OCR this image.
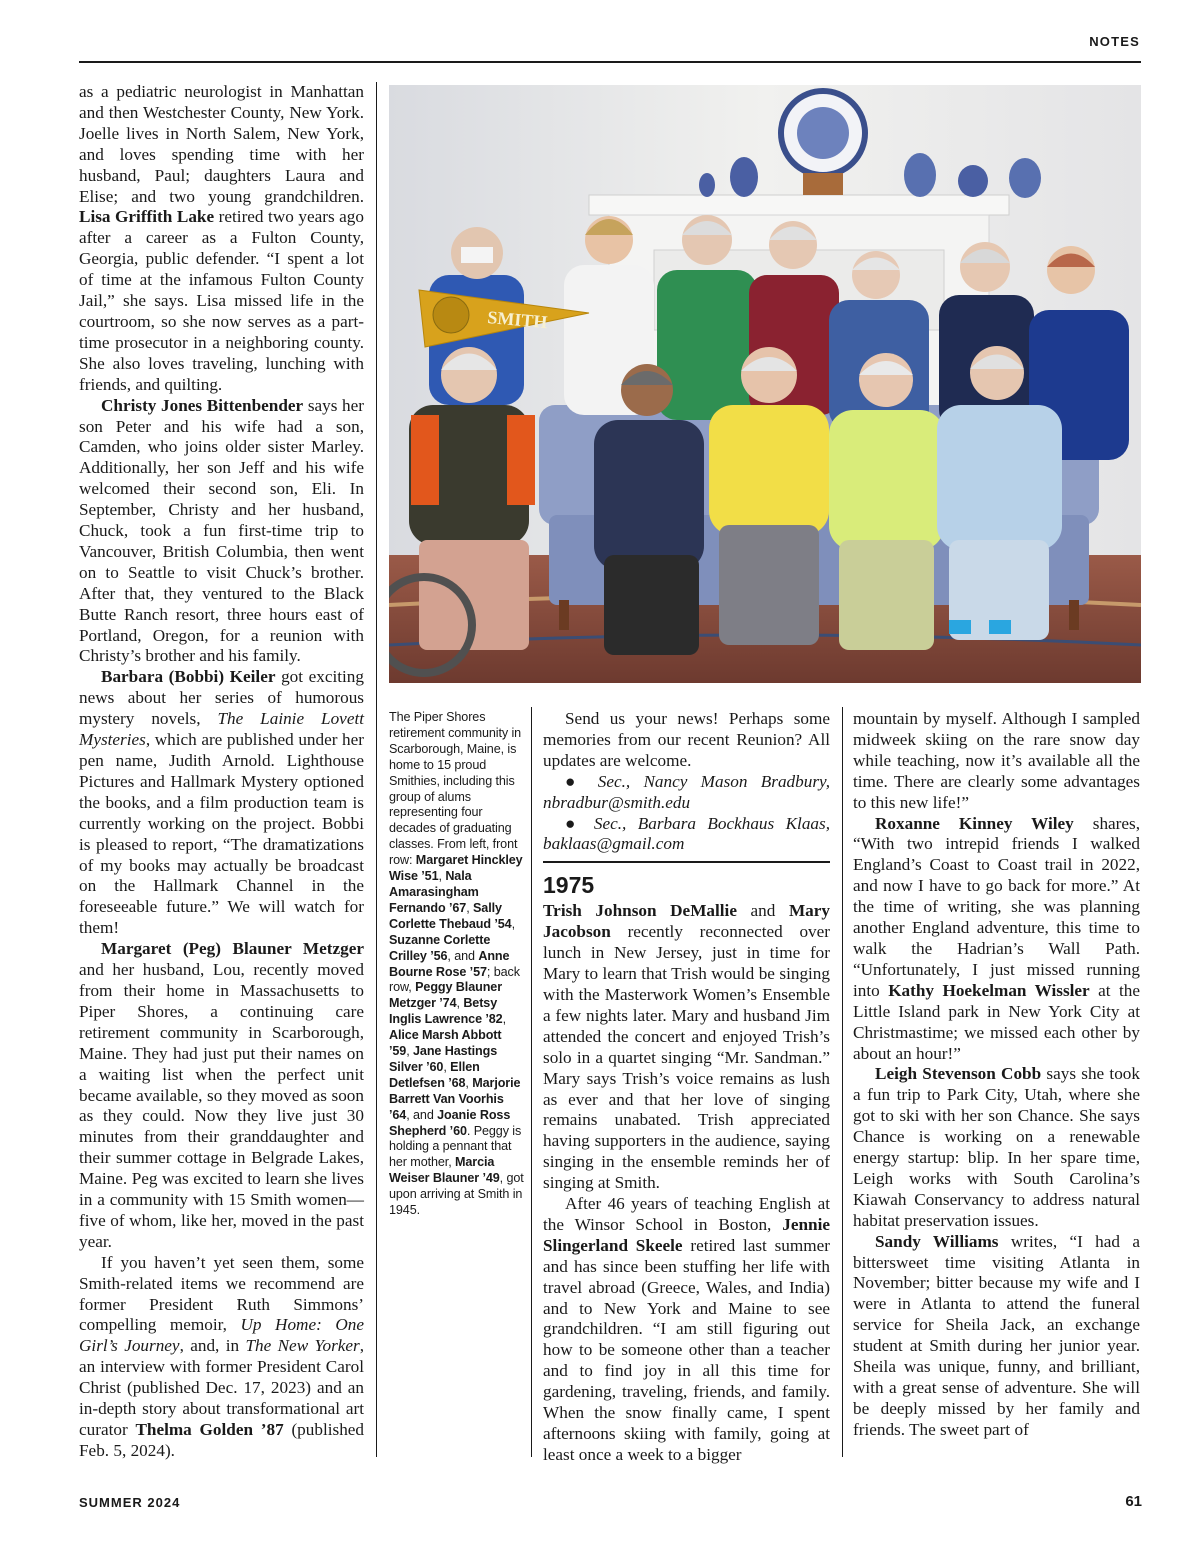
NOTES

as a pediatric neurologist in Manhattan and then Westchester County, New York. Joelle lives in North Salem, New York, and loves spending time with her husband, Paul; daughters Laura and Elise; and two young grandchildren. Lisa Griffith Lake retired two years ago after a career as a Fulton County, Georgia, public defender. “I spent a lot of time at the infamous Fulton County Jail,” she says. Lisa missed life in the courtroom, so she now serves as a part-time prosecutor in a neighboring county. She also loves traveling, lunching with friends, and quilting.

Christy Jones Bittenbender says her son Peter and his wife had a son, Camden, who joins older sister Marley. Additionally, her son Jeff and his wife welcomed their second son, Eli. In September, Christy and her husband, Chuck, took a fun first-time trip to Vancouver, British Columbia, then went on to Seattle to visit Chuck’s brother. After that, they ventured to the Black Butte Ranch resort, three hours east of Portland, Oregon, for a reunion with Christy’s brother and his family.

Barbara (Bobbi) Keiler got exciting news about her series of humorous mystery novels, The Lainie Lovett Mysteries, which are published under her pen name, Judith Arnold. Lighthouse Pictures and Hallmark Mystery optioned the books, and a film production team is currently working on the project. Bobbi is pleased to report, “The dramatizations of my books may actually be broadcast on the Hallmark Channel in the foreseeable future.” We will watch for them!

Margaret (Peg) Blauner Metzger and her husband, Lou, recently moved from their home in Massachusetts to Piper Shores, a continuing care retirement community in Scarborough, Maine. They had just put their names on a waiting list when the perfect unit became available, so they moved as soon as they could. Now they live just 30 minutes from their granddaughter and their summer cottage in Belgrade Lakes, Maine. Peg was excited to learn she lives in a community with 15 Smith women—five of whom, like her, moved in the past year.

If you haven’t yet seen them, some Smith-related items we recommend are former President Ruth Simmons’ compelling memoir, Up Home: One Girl’s Journey, and, in The New Yorker, an interview with former President Carol Christ (published Dec. 17, 2023) and an in-depth story about transformational art curator Thelma Golden ’87 (published Feb. 5, 2024).

SMITH
The Piper Shores retirement community in Scarborough, Maine, is home to 15 proud Smithies, including this group of alums representing four decades of graduating classes. From left, front row: Margaret Hinckley Wise ’51, Nala Amarasingham Fernando ’67, Sally Corlette Thebaud ’54, Suzanne Corlette Crilley ’56, and Anne Bourne Rose ’57; back row, Peggy Blauner Metzger ’74, Betsy Inglis Lawrence ’82, Alice Marsh Abbott ’59, Jane Hastings Silver ’60, Ellen Detlefsen ’68, Marjorie Barrett Van Voorhis ’64, and Joanie Ross Shepherd ’60. Peggy is holding a pennant that her mother, Marcia Weiser Blauner ’49, got upon arriving at Smith in 1945.

Send us your news! Perhaps some memories from our recent Reunion? All updates are welcome.

● Sec., Nancy Mason Bradbury, nbradbur@smith.edu

● Sec., Barbara Bockhaus Klaas, baklaas@gmail.com

1975

Trish Johnson DeMallie and Mary Jacobson recently reconnected over lunch in New Jersey, just in time for Mary to learn that Trish would be singing with the Masterwork Women’s Ensemble a few nights later. Mary and husband Jim attended the concert and enjoyed Trish’s solo in a quartet singing “Mr. Sandman.” Mary says Trish’s voice remains as lush as ever and that her love of singing remains unabated. Trish appreciated having supporters in the audience, saying singing in the ensemble reminds her of singing at Smith.

After 46 years of teaching English at the Winsor School in Boston, Jennie Slingerland Skeele retired last summer and has since been stuffing her life with travel abroad (Greece, Wales, and India) and to New York and Maine to see grandchildren. “I am still figuring out how to be someone other than a teacher and to find joy in all this time for gardening, traveling, friends, and family. When the snow finally came, I spent afternoons skiing with family, going at least once a week to a bigger

mountain by myself. Although I sampled midweek skiing on the rare snow day while teaching, now it’s available all the time. There are clearly some advantages to this new life!”

Roxanne Kinney Wiley shares, “With two intrepid friends I walked England’s Coast to Coast trail in 2022, and now I have to go back for more.” At the time of writing, she was planning another England adventure, this time to walk the Hadrian’s Wall Path. “Unfortunately, I just missed running into Kathy Hoekelman Wissler at the Little Island park in New York City at Christmastime; we missed each other by about an hour!”

Leigh Stevenson Cobb says she took a fun trip to Park City, Utah, where she got to ski with her son Chance. She says Chance is working on a renewable energy startup: blip. In her spare time, Leigh works with South Carolina’s Kiawah Conservancy to address natural habitat preservation issues.

Sandy Williams writes, “I had a bittersweet time visiting Atlanta in November; bitter because my wife and I were in Atlanta to attend the funeral service for Sheila Jack, an exchange student at Smith during her junior year. Sheila was unique, funny, and brilliant, with a great sense of adventure. She will be deeply missed by her family and friends. The sweet part of

SUMMER 2024	61
